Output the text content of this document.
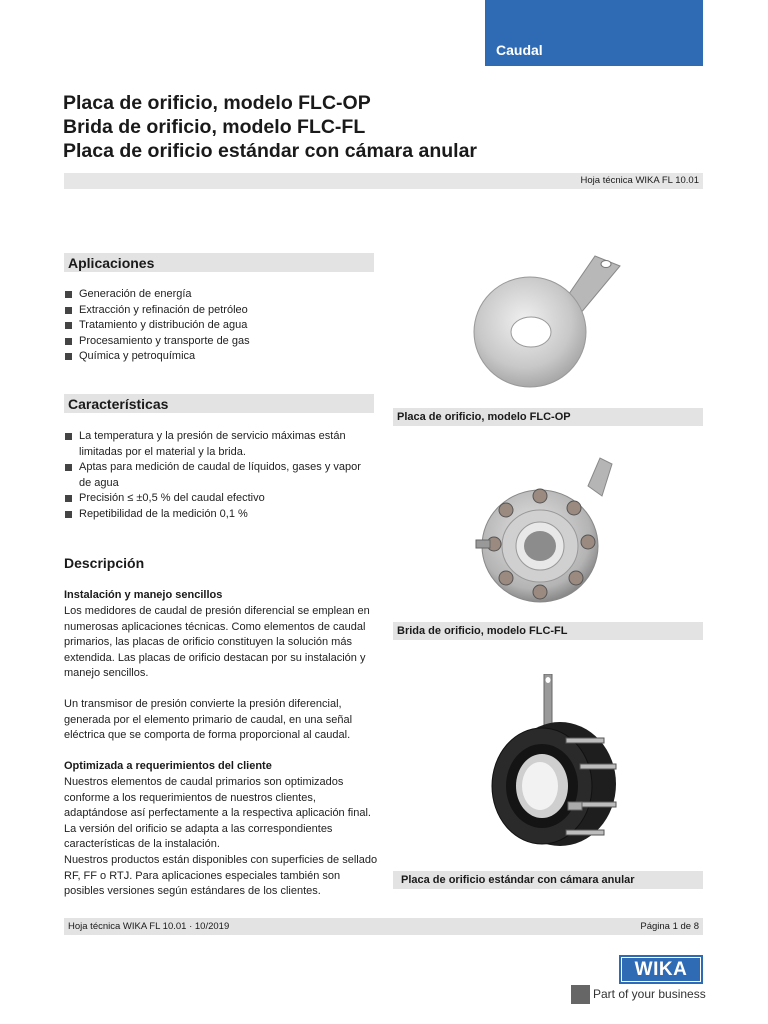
Caudal
Placa de orificio, modelo FLC-OP
Brida de orificio, modelo FLC-FL
Placa de orificio estándar con cámara anular
Hoja técnica WIKA FL 10.01
Aplicaciones
Generación de energía
Extracción y refinación de petróleo
Tratamiento y distribución de agua
Procesamiento y transporte de gas
Química y petroquímica
Características
La temperatura y la presión de servicio máximas están limitadas por el material y la brida.
Aptas para medición de caudal de líquidos, gases y vapor de agua
Precisión ≤ ±0,5 % del caudal efectivo
Repetibilidad de la medición 0,1 %
Descripción
Instalación y manejo sencillos
Los medidores de caudal de presión diferencial se emplean en numerosas aplicaciones técnicas. Como elementos de caudal primarios, las placas de orificio constituyen la solución más extendida. Las placas de orificio destacan por su instalación y manejo sencillos.
Un transmisor de presión convierte la presión diferencial, generada por el elemento primario de caudal, en una señal eléctrica que se comporta de forma proporcional al caudal.
Optimizada a requerimientos del cliente
Nuestros elementos de caudal primarios son optimizados conforme a los requerimientos de nuestros clientes, adaptándose así perfectamente a la respectiva aplicación final. La versión del orificio se adapta a las correspondientes características de la instalación.
Nuestros productos están disponibles con superficies de sellado RF, FF o RTJ. Para aplicaciones especiales también son posibles versiones según estándares de los clientes.
Placa de orificio, modelo FLC-OP
Brida de orificio, modelo FLC-FL
Placa de orificio estándar con cámara anular
Hoja técnica WIKA FL 10.01 · 10/2019	Página 1 de 8
WIKA
Part of your business
